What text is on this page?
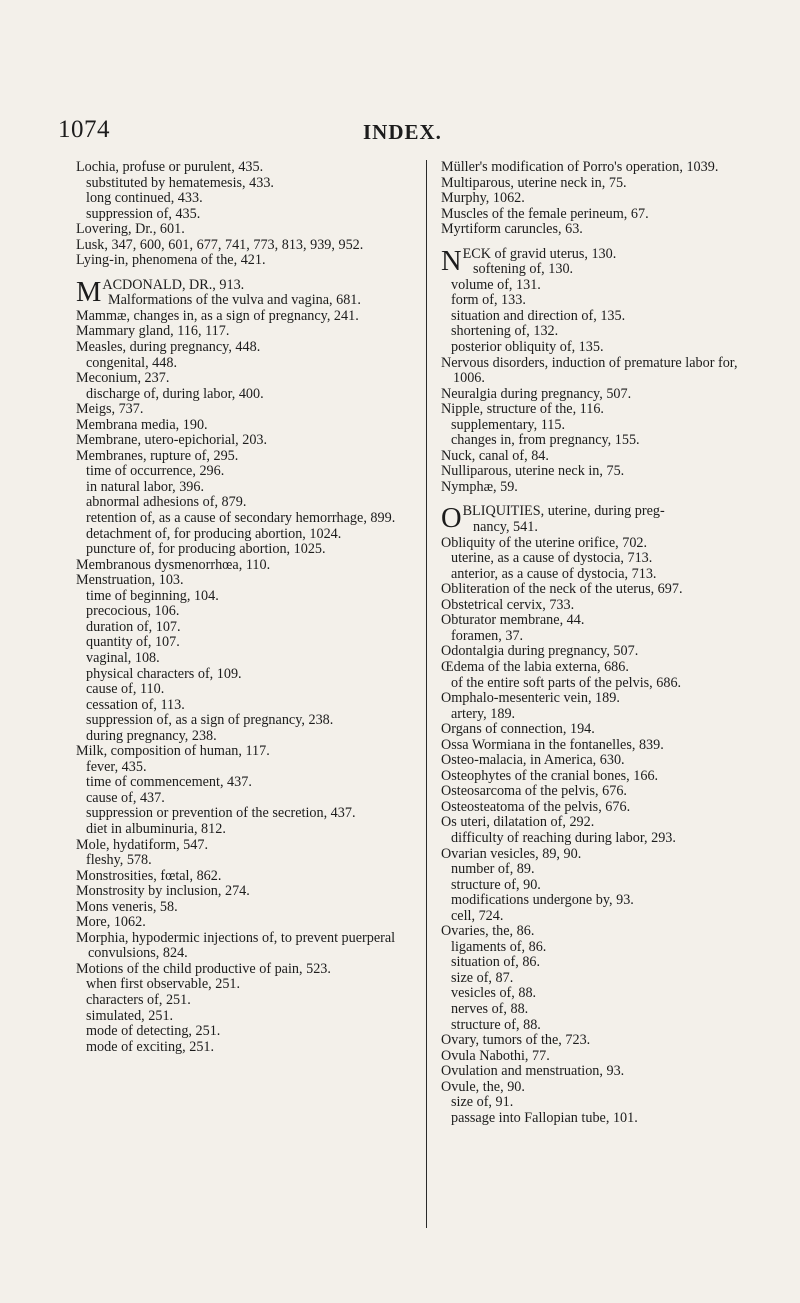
1074	INDEX.

Lochia, profuse or purulent, 435.

substituted by hematemesis, 433.

long continued, 433.

suppression of, 435.

Lovering, Dr., 601.

Lusk, 347, 600, 601, 677, 741, 773, 813, 939, 952.

Lying-in, phenomena of the, 421.

MACDONALD, DR., 913.
Malformations of the vulva and vagina, 681.

Mammæ, changes in, as a sign of pregnancy, 241.

Mammary gland, 116, 117.

Measles, during pregnancy, 448.

congenital, 448.

Meconium, 237.

discharge of, during labor, 400.

Meigs, 737.

Membrana media, 190.

Membrane, utero-epichorial, 203.

Membranes, rupture of, 295.

time of occurrence, 296.

in natural labor, 396.

abnormal adhesions of, 879.

retention of, as a cause of secondary hemorrhage, 899.

detachment of, for producing abortion, 1024.

puncture of, for producing abortion, 1025.

Membranous dysmenorrhœa, 110.

Menstruation, 103.

time of beginning, 104.

precocious, 106.

duration of, 107.

quantity of, 107.

vaginal, 108.

physical characters of, 109.

cause of, 110.

cessation of, 113.

suppression of, as a sign of pregnancy, 238.

during pregnancy, 238.

Milk, composition of human, 117.

fever, 435.

time of commencement, 437.

cause of, 437.

suppression or prevention of the secretion, 437.

diet in albuminuria, 812.

Mole, hydatiform, 547.

fleshy, 578.

Monstrosities, fœtal, 862.

Monstrosity by inclusion, 274.

Mons veneris, 58.

More, 1062.

Morphia, hypodermic injections of, to prevent puerperal convulsions, 824.

Motions of the child productive of pain, 523.

when first observable, 251.

characters of, 251.

simulated, 251.

mode of detecting, 251.

mode of exciting, 251.

Müller's modification of Porro's operation, 1039.

Multiparous, uterine neck in, 75.

Murphy, 1062.

Muscles of the female perineum, 67.

Myrtiform caruncles, 63.

NECK of gravid uterus, 130.
softening of, 130.

volume of, 131.

form of, 133.

situation and direction of, 135.

shortening of, 132.

posterior obliquity of, 135.

Nervous disorders, induction of premature labor for, 1006.

Neuralgia during pregnancy, 507.

Nipple, structure of the, 116.

supplementary, 115.

changes in, from pregnancy, 155.

Nuck, canal of, 84.

Nulliparous, uterine neck in, 75.

Nymphæ, 59.

OBLIQUITIES, uterine, during preg-
nancy, 541.

Obliquity of the uterine orifice, 702.

uterine, as a cause of dystocia, 713.

anterior, as a cause of dystocia, 713.

Obliteration of the neck of the uterus, 697.

Obstetrical cervix, 733.

Obturator membrane, 44.

foramen, 37.

Odontalgia during pregnancy, 507.

Œdema of the labia externa, 686.

of the entire soft parts of the pelvis, 686.

Omphalo-mesenteric vein, 189.

artery, 189.

Organs of connection, 194.

Ossa Wormiana in the fontanelles, 839.

Osteo-malacia, in America, 630.

Osteophytes of the cranial bones, 166.

Osteosarcoma of the pelvis, 676.

Osteosteatoma of the pelvis, 676.

Os uteri, dilatation of, 292.

difficulty of reaching during labor, 293.

Ovarian vesicles, 89, 90.

number of, 89.

structure of, 90.

modifications undergone by, 93.

cell, 724.

Ovaries, the, 86.

ligaments of, 86.

situation of, 86.

size of, 87.

vesicles of, 88.

nerves of, 88.

structure of, 88.

Ovary, tumors of the, 723.

Ovula Nabothi, 77.

Ovulation and menstruation, 93.

Ovule, the, 90.

size of, 91.

passage into Fallopian tube, 101.
